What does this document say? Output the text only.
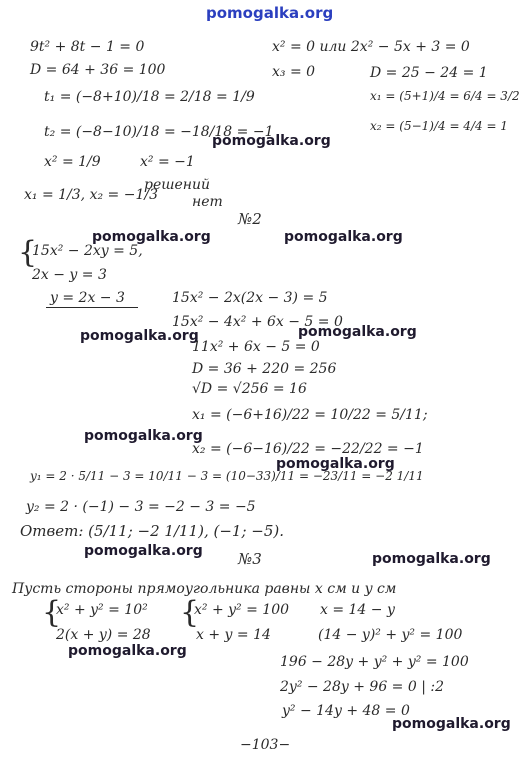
pomogalka.org
pomogalka.org
pomogalka.org	pomogalka.org
pomogalka.org	pomogalka.org
pomogalka.org
pomogalka.org
pomogalka.org	pomogalka.org
pomogalka.org
pomogalka.org
9t² + 8t − 1 = 0
D = 64 + 36 = 100
t₁ = (−8+10)/18 = 2/18 = 1/9
t₂ = (−8−10)/18 = −18/18 = −1
x² = 1/9	x² = −1
x₁ = 1/3, x₂ = −1/3
решений
нет
x² = 0 или 2x² − 5x + 3 = 0
x₃ = 0	D = 25 − 24 = 1
x₁ = (5+1)/4 = 6/4 = 3/2
x₂ = (5−1)/4 = 4/4 = 1
№2
{
15x² − 2xy = 5,
2x − y = 3
y = 2x − 3	15x² − 2x(2x − 3) = 5
15x² − 4x² + 6x − 5 = 0
11x² + 6x − 5 = 0
D = 36 + 220 = 256
√D = √256 = 16
x₁ = (−6+16)/22 = 10/22 = 5/11;
x₂ = (−6−16)/22 = −22/22 = −1
y₁ = 2 · 5/11 − 3 = 10/11 − 3 = (10−33)/11 = −23/11 = −2 1/11
y₂ = 2 · (−1) − 3 = −2 − 3 = −5
Ответ: (5/11; −2 1/11), (−1; −5).
№3
Пусть стороны прямоугольника равны x см и y см
{
x² + y² = 10²
2(x + y) = 28
{
x² + y² = 100
x + y = 14
x = 14 − y
(14 − y)² + y² = 100
196 − 28y + y² + y² = 100
2y² − 28y + 96 = 0 | :2
y² − 14y + 48 = 0
−103−
